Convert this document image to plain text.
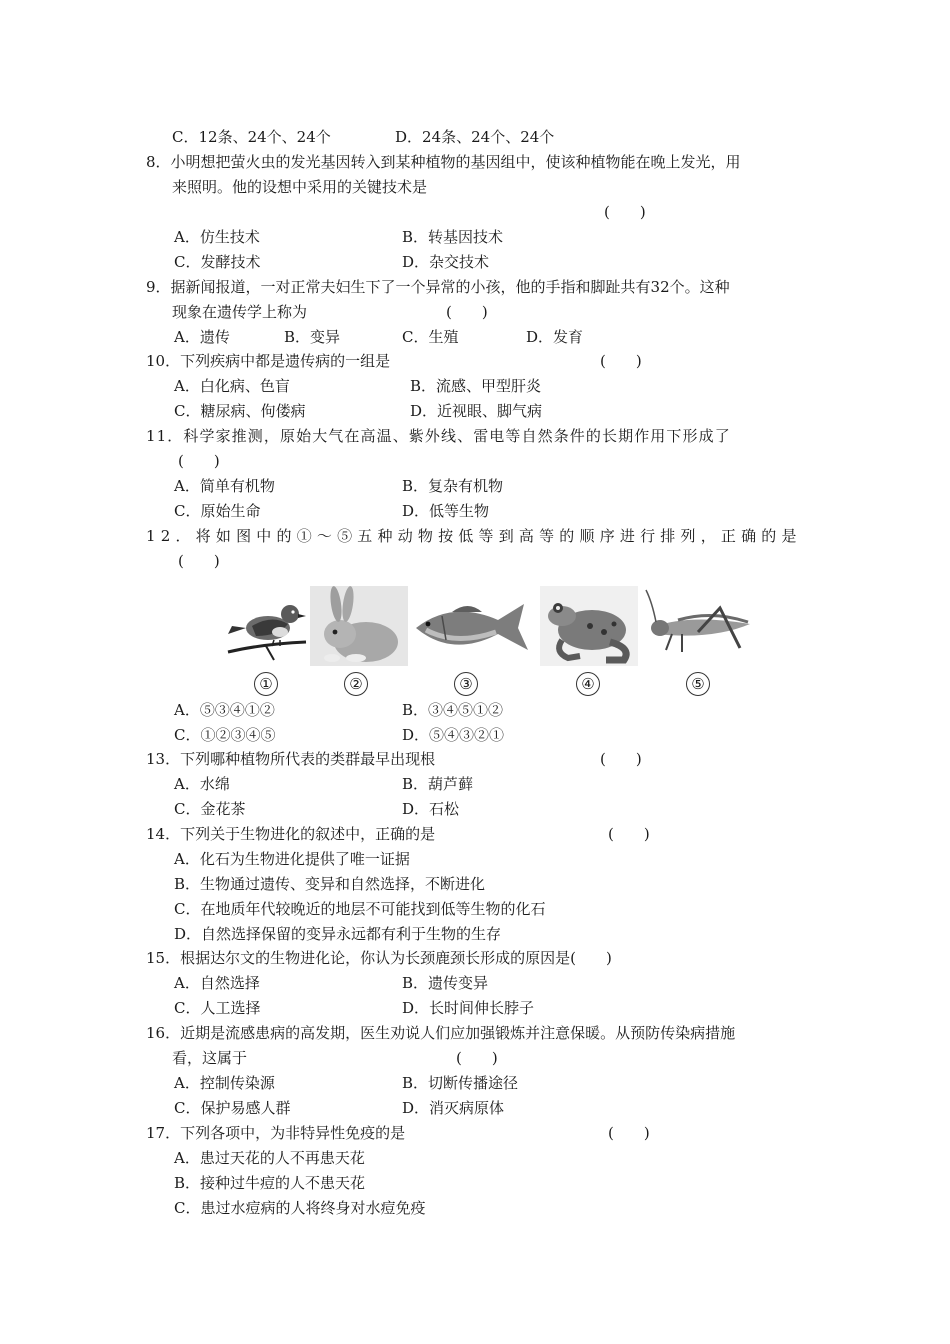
C．12条、24个、24个	D．24条、24个、24个
8．小明想把萤火虫的发光基因转入到某种植物的基因组中，使该种植物能在晚上发光，用
来照明。他的设想中采用的关键技术是
(　　)
A．仿生技术	B．转基因技术
C．发酵技术	D．杂交技术
9．据新闻报道，一对正常夫妇生下了一个异常的小孩，他的手指和脚趾共有32个。这种
现象在遗传学上称为	(　　)
A．遗传	B．变异	C．生殖	D．发育
10．下列疾病中都是遗传病的一组是	(　　)
A．白化病、色盲	B．流感、甲型肝炎
C．糖尿病、佝偻病	D．近视眼、脚气病
11．科学家推测，原始大气在高温、紫外线、雷电等自然条件的长期作用下形成了
(　　)
A．简单有机物	B．复杂有机物
C．原始生命	D．低等生物
12．将如图中的①～⑤五种动物按低等到高等的顺序进行排列，正确的是
(　　)
①	②	③	④	⑤
A．⑤③④①②	B．③④⑤①②
C．①②③④⑤	D．⑤④③②①
13．下列哪种植物所代表的类群最早出现根	(　　)
A．水绵	B．葫芦藓
C．金花茶	D．石松
14．下列关于生物进化的叙述中，正确的是	(　　)
A．化石为生物进化提供了唯一证据
B．生物通过遗传、变异和自然选择，不断进化
C．在地质年代较晚近的地层不可能找到低等生物的化石
D．自然选择保留的变异永远都有利于生物的生存
15．根据达尔文的生物进化论，你认为长颈鹿颈长形成的原因是(　　)
A．自然选择	B．遗传变异
C．人工选择	D．长时间伸长脖子
16．近期是流感患病的高发期，医生劝说人们应加强锻炼并注意保暖。从预防传染病措施
看，这属于	(　　)
A．控制传染源	B．切断传播途径
C．保护易感人群	D．消灭病原体
17．下列各项中，为非特异性免疫的是	(　　)
A．患过天花的人不再患天花
B．接种过牛痘的人不患天花
C．患过水痘病的人将终身对水痘免疫
